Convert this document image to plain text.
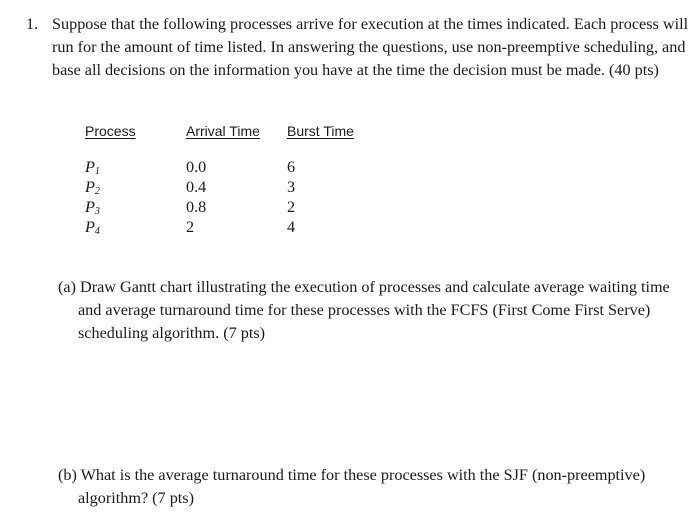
1. Suppose that the following processes arrive for execution at the times indicated. Each process will run for the amount of time listed. In answering the questions, use non-preemptive scheduling, and base all decisions on the information you have at the time the decision must be made. (40 pts)
Process	Arrival Time Burst Time
$P_1$
$P_2$
$P_3$
$P_4$
0.0
0.4
0.8
2
6
3
2
4
(a) Draw Gantt chart illustrating the execution of processes and calculate average waiting time and average turnaround time for these processes with the FCFS (First Come First Serve) scheduling algorithm. (7 pts)
(b) What is the average turnaround time for these processes with the SJF (non-preemptive) algorithm? (7 pts)
